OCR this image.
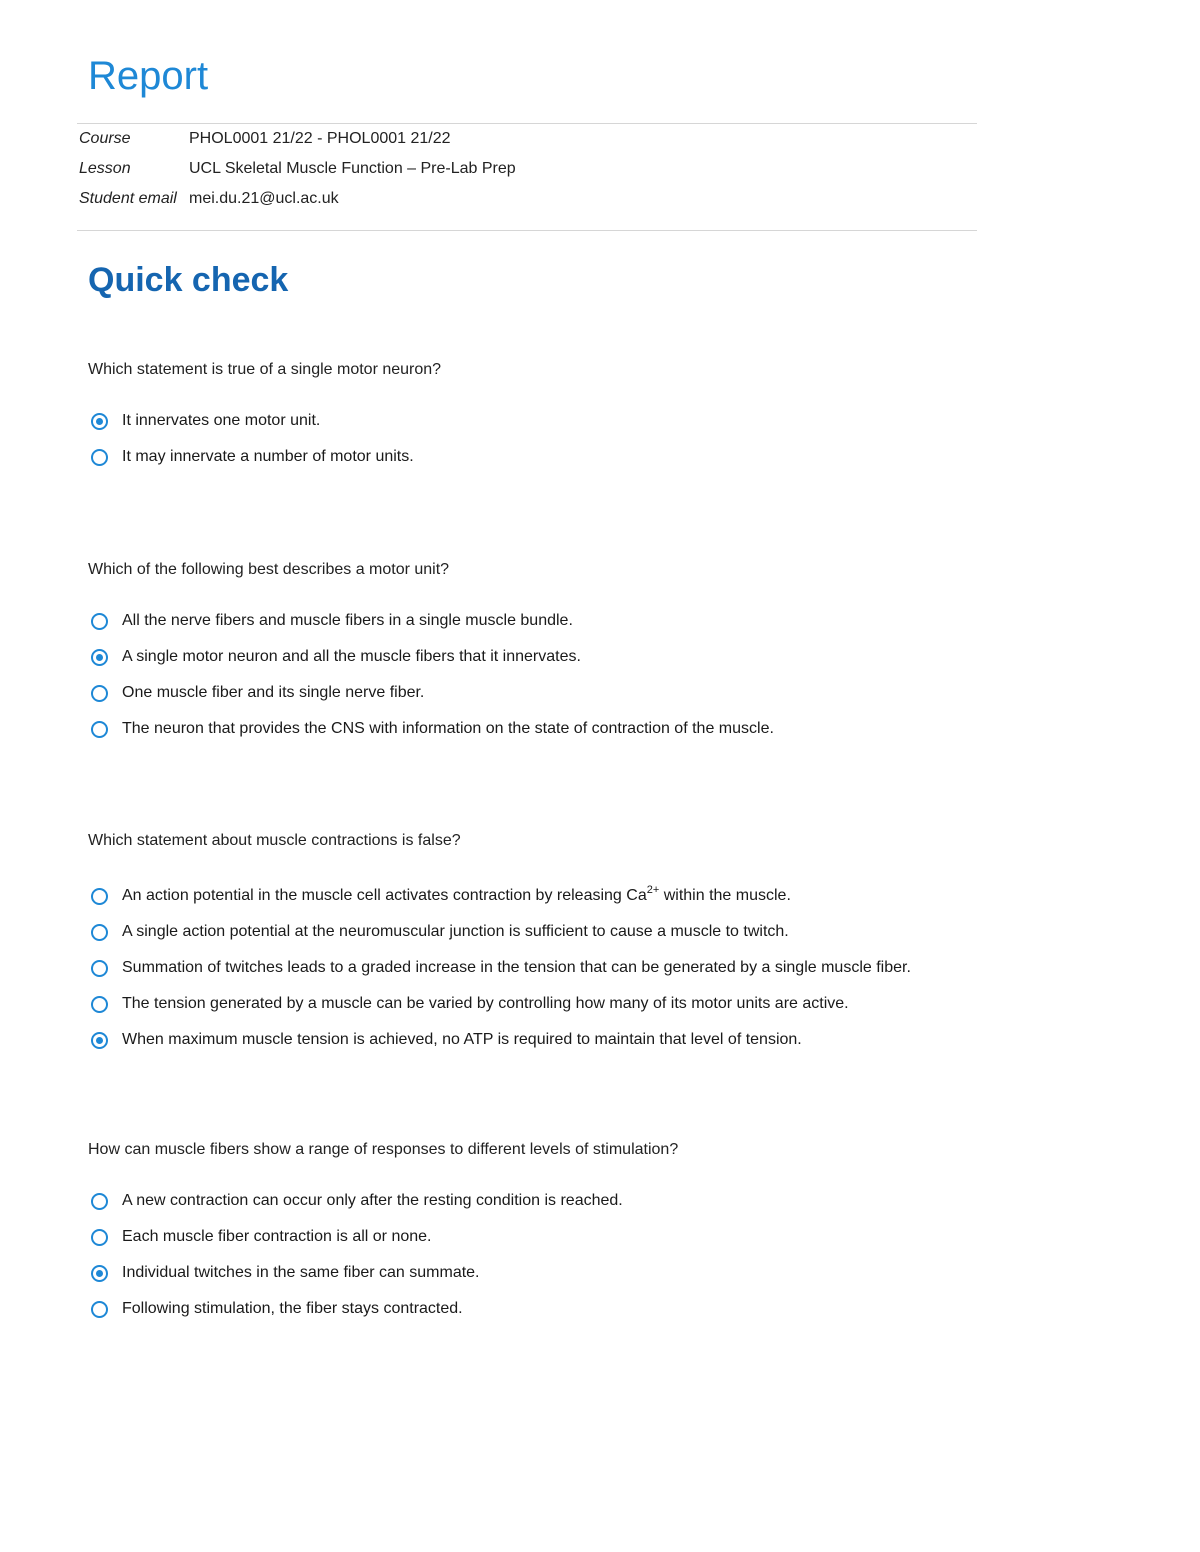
Report
Course	PHOL0001 21/22 - PHOL0001 21/22
Lesson	UCL Skeletal Muscle Function – Pre-Lab Prep
Student email mei.du.21@ucl.ac.uk
Quick check
Which statement is true of a single motor neuron?
It innervates one motor unit.
It may innervate a number of motor units.
Which of the following best describes a motor unit?
All the nerve fibers and muscle fibers in a single muscle bundle.
A single motor neuron and all the muscle fibers that it innervates.
One muscle fiber and its single nerve fiber.
The neuron that provides the CNS with information on the state of contraction of the muscle.
Which statement about muscle contractions is false?
An action potential in the muscle cell activates contraction by releasing $Ca^{2+}$ within the muscle.
A single action potential at the neuromuscular junction is sufficient to cause a muscle to twitch.
Summation of twitches leads to a graded increase in the tension that can be generated by a single muscle fiber.
The tension generated by a muscle can be varied by controlling how many of its motor units are active.
When maximum muscle tension is achieved, no ATP is required to maintain that level of tension.
How can muscle fibers show a range of responses to different levels of stimulation?
A new contraction can occur only after the resting condition is reached.
Each muscle fiber contraction is all or none.
Individual twitches in the same fiber can summate.
Following stimulation, the fiber stays contracted.
